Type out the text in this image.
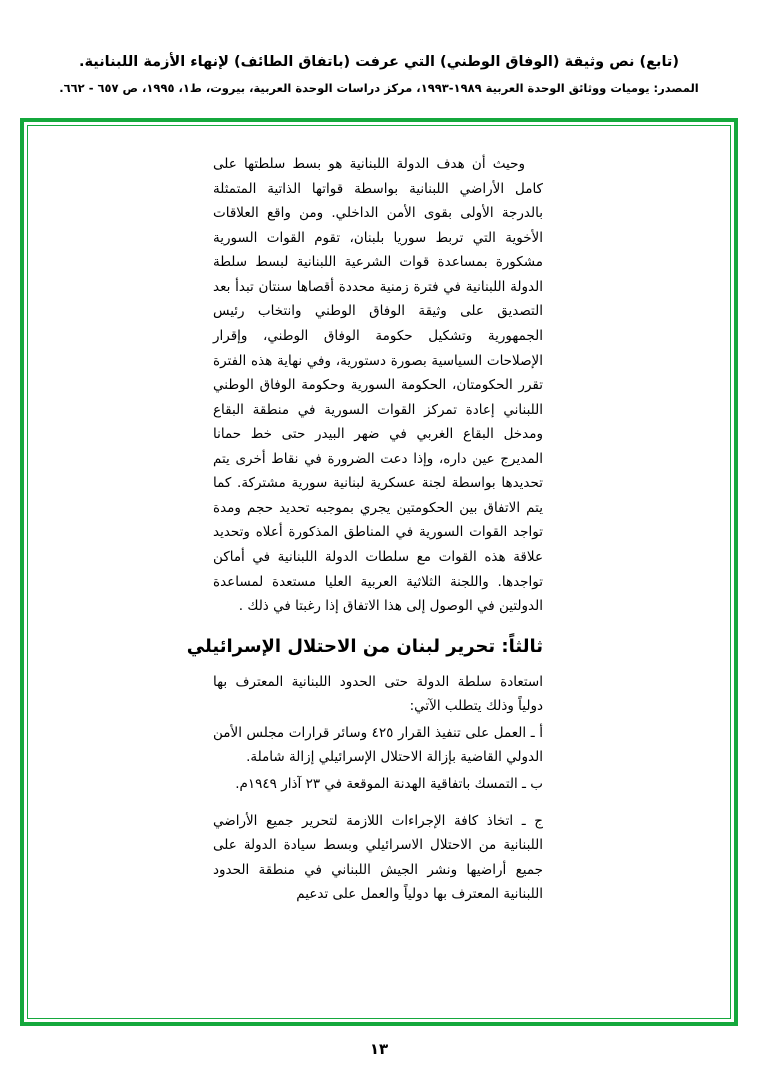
(تابع) نص وثيقة (الوفاق الوطني) التي عرفت (باتفاق الطائف) لإنهاء الأزمة اللبنانية.
المصدر: يوميات ووثائق الوحدة العربية ١٩٨٩-١٩٩٣، مركز دراسات الوحدة العربية، بيروت، ط١، ١٩٩٥، ص ٦٥٧ - ٦٦٢.

وحيث أن هدف الدولة اللبنانية هو بسط سلطتها على كامل الأراضي اللبنانية بواسطة قواتها الذاتية المتمثلة بالدرجة الأولى بقوى الأمن الداخلي. ومن واقع العلاقات الأخوية التي تربط سوريا بلبنان، تقوم القوات السورية مشكورة بمساعدة قوات الشرعية اللبنانية لبسط سلطة الدولة اللبنانية في فترة زمنية محددة أقصاها سنتان تبدأ بعد التصديق على وثيقة الوفاق الوطني وانتخاب رئيس الجمهورية وتشكيل حكومة الوفاق الوطني، وإقرار الإصلاحات السياسية بصورة دستورية، وفي نهاية هذه الفترة تقرر الحكومتان، الحكومة السورية وحكومة الوفاق الوطني اللبناني إعادة تمركز القوات السورية في منطقة البقاع ومدخل البقاع الغربي في ضهر البيدر حتى خط حمانا المديرج عين داره، وإذا دعت الضرورة في نقاط أخرى يتم تحديدها بواسطة لجنة عسكرية لبنانية سورية مشتركة. كما يتم الاتفاق بين الحكومتين يجري بموجبه تحديد حجم ومدة تواجد القوات السورية في المناطق المذكورة أعلاه وتحديد علاقة هذه القوات مع سلطات الدولة اللبنانية في أماكن تواجدها. واللجنة الثلاثية العربية العليا مستعدة لمساعدة الدولتين في الوصول إلى هذا الاتفاق إذا رغبتا في ذلك .

ثالثاً: تحرير لبنان من الاحتلال الإسرائيلي

استعادة سلطة الدولة حتى الحدود اللبنانية المعترف بها دولياً وذلك يتطلب الآتي:

أ ـ العمل على تنفيذ القرار ٤٢٥ وسائر قرارات مجلس الأمن الدولي القاضية بإزالة الاحتلال الإسرائيلي إزالة شاملة.

ب ـ التمسك باتفاقية الهدنة الموقعة في ٢٣ آذار ١٩٤٩م.

ج ـ اتخاذ كافة الإجراءات اللازمة لتحرير جميع الأراضي اللبنانية من الاحتلال الاسرائيلي وبسط سيادة الدولة على جميع أراضيها ونشر الجيش اللبناني في منطقة الحدود اللبنانية المعترف بها دولياً والعمل على تدعيم

١٣
